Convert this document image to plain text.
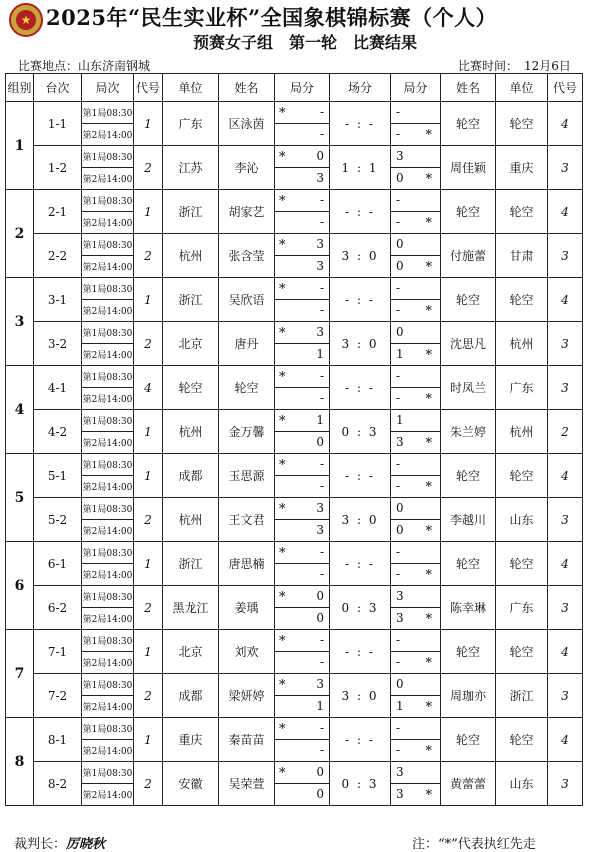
★ 2025年“民生实业杯”全国象棋锦标赛（个人）
预赛女子组　第一轮　比赛结果
比赛地点：山东济南钢城	比赛时间：　12月6日
组别	台次	局次	代号	单位	姓名	局分	场分	局分	姓名	单位	代号
1	1-1	第1局08:30	1	广东	区泳茵	* -	- : -	-	轮空	轮空	4
		第2局14:00				-		- *			

	1-2	第1局08:30	2	江苏	李沁	* 0	1 : 1	3	周佳颖	重庆	3
		第2局14:00				3		0 *			

2	2-1	第1局08:30	1	浙江	胡家艺	* -	- : -	-	轮空	轮空	4
		第2局14:00				-		- *			

	2-2	第1局08:30	2	杭州	张含莹	* 3	3 : 0	0	付施蕾	甘肃	3
		第2局14:00				3		0 *			

3	3-1	第1局08:30	1	浙江	吴欣语	* -	- : -	-	轮空	轮空	4
		第2局14:00				-		- *			

	3-2	第1局08:30	2	北京	唐丹	* 3	3 : 0	0	沈思凡	杭州	3
		第2局14:00				1		1 *			

4	4-1	第1局08:30	4	轮空	轮空	* -	- : -	-	时凤兰	广东	3
		第2局14:00				-		- *			

	4-2	第1局08:30	1	杭州	金万馨	* 1	0 : 3	1	朱兰婷	杭州	2
		第2局14:00				0		3 *			

5	5-1	第1局08:30	1	成都	玉思源	* -	- : -	-	轮空	轮空	4
		第2局14:00				-		- *			

	5-2	第1局08:30	2	杭州	王文君	* 3	3 : 0	0	李越川	山东	3
		第2局14:00				3		0 *			

6	6-1	第1局08:30	1	浙江	唐思楠	* -	- : -	-	轮空	轮空	4
		第2局14:00				-		- *			

	6-2	第1局08:30	2	黑龙江	姜瑀	* 0	0 : 3	3	陈幸琳	广东	3
		第2局14:00				0		3 *			

7	7-1	第1局08:30	1	北京	刘欢	* -	- : -	-	轮空	轮空	4
		第2局14:00				-		- *			

	7-2	第1局08:30	2	成都	梁妍婷	* 3	3 : 0	0	周珈亦	浙江	3
		第2局14:00				1		1 *			

8	8-1	第1局08:30	1	重庆	秦苗苗	* -	- : -	-	轮空	轮空	4
		第2局14:00				-		- *			

	8-2	第1局08:30	2	安徽	吴荣萱	* 0	0 : 3	3	黄蕾蕾	山东	3
		第2局14:00				0		3 *			
裁判长：厉晓秋	注：“*”代表执红先走
